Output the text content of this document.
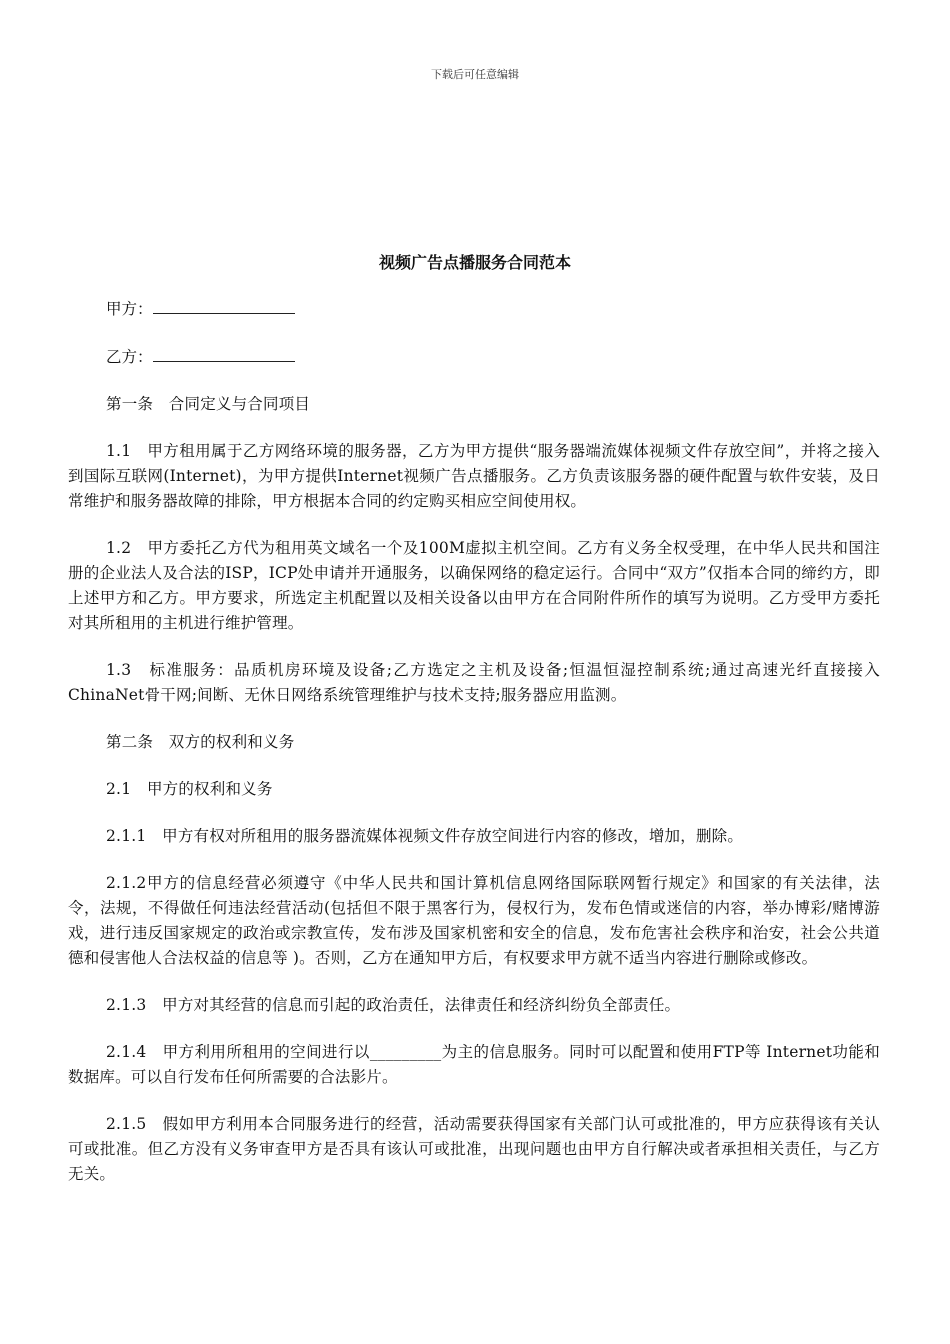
下载后可任意编辑
视频广告点播服务合同范本
甲方：
乙方：

第一条　合同定义与合同项目

1.1　甲方租用属于乙方网络环境的服务器，乙方为甲方提供“服务器端流媒体视频文件存放空间”，并将之接入到国际互联网(Internet)，为甲方提供Internet视频广告点播服务。乙方负责该服务器的硬件配置与软件安装，及日常维护和服务器故障的排除，甲方根据本合同的约定购买相应空间使用权。

1.2　甲方委托乙方代为租用英文域名一个及100M虚拟主机空间。乙方有义务全权受理，在中华人民共和国注册的企业法人及合法的ISP，ICP处申请并开通服务，以确保网络的稳定运行。合同中“双方”仅指本合同的缔约方，即上述甲方和乙方。甲方要求，所选定主机配置以及相关设备以由甲方在合同附件所作的填写为说明。乙方受甲方委托对其所租用的主机进行维护管理。

1.3　标准服务：品质机房环境及设备;乙方选定之主机及设备;恒温恒湿控制系统;通过高速光纤直接接入ChinaNet骨干网;间断、无休日网络系统管理维护与技术支持;服务器应用监测。

第二条　双方的权利和义务

2.1　甲方的权利和义务

2.1.1　甲方有权对所租用的服务器流媒体视频文件存放空间进行内容的修改，增加，删除。

2.1.2甲方的信息经营必须遵守《中华人民共和国计算机信息网络国际联网暂行规定》和国家的有关法律，法令，法规，不得做任何违法经营活动(包括但不限于黑客行为，侵权行为，发布色情或迷信的内容，举办博彩/赌博游戏，进行违反国家规定的政治或宗教宣传，发布涉及国家机密和安全的信息，发布危害社会秩序和治安，社会公共道德和侵害他人合法权益的信息等 )。否则，乙方在通知甲方后，有权要求甲方就不适当内容进行删除或修改。

2.1.3　甲方对其经营的信息而引起的政治责任，法律责任和经济纠纷负全部责任。

2.1.4　甲方利用所租用的空间进行以_________为主的信息服务。同时可以配置和使用FTP等 Internet功能和数据库。可以自行发布任何所需要的合法影片。

2.1.5　假如甲方利用本合同服务进行的经营，活动需要获得国家有关部门认可或批准的，甲方应获得该有关认可或批准。但乙方没有义务审查甲方是否具有该认可或批准，出现问题也由甲方自行解决或者承担相关责任，与乙方无关。
